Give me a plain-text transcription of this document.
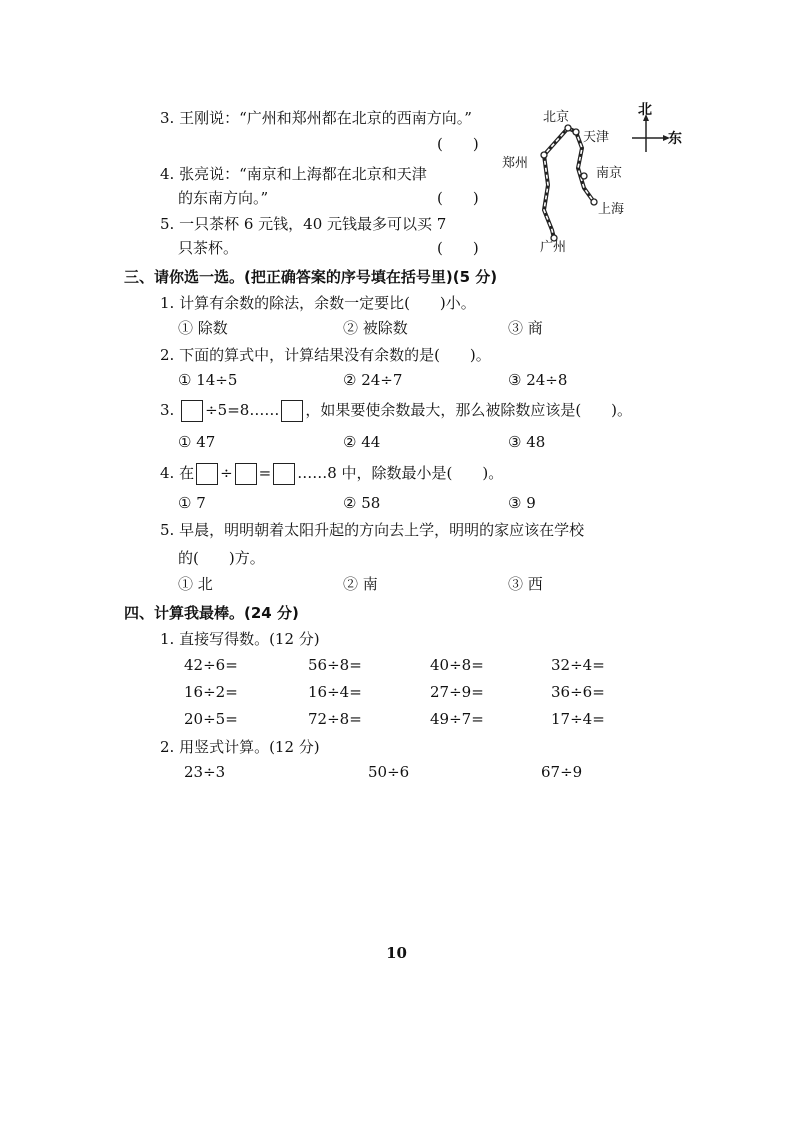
3. 王刚说：“广州和郑州都在北京的西南方向。”
(　　)
4. 张亮说：“南京和上海都在北京和天津
的东南方向。”	(　　)
5. 一只茶杯 6 元钱，40 元钱最多可以买 7
只茶杯。	(　　)
北京
天津
郑州
南京
上海
广州
北
东
三、请你选一选。(把正确答案的序号填在括号里)(5 分)
1. 计算有余数的除法，余数一定要比(　　)小。
① 除数	② 被除数	③ 商
2. 下面的算式中，计算结果没有余数的是(　　)。
① 14÷5	② 24÷7	③ 24÷8
3. ÷5=8…… ，如果要使余数最大，那么被除数应该是(　　)。
① 47	② 44	③ 48
4. 在 ÷ = ……8 中，除数最小是(　　)。
① 7	② 58	③ 9
5. 早晨，明明朝着太阳升起的方向去上学，明明的家应该在学校
的(　　)方。
① 北	② 南	③ 西
四、计算我最棒。(24 分)
1. 直接写得数。(12 分)
42÷6=	56÷8=	40÷8=	32÷4=
16÷2=	16÷4=	27÷9=	36÷6=
20÷5=	72÷8=	49÷7=	17÷4=
2. 用竖式计算。(12 分)
23÷3	50÷6	67÷9
10
